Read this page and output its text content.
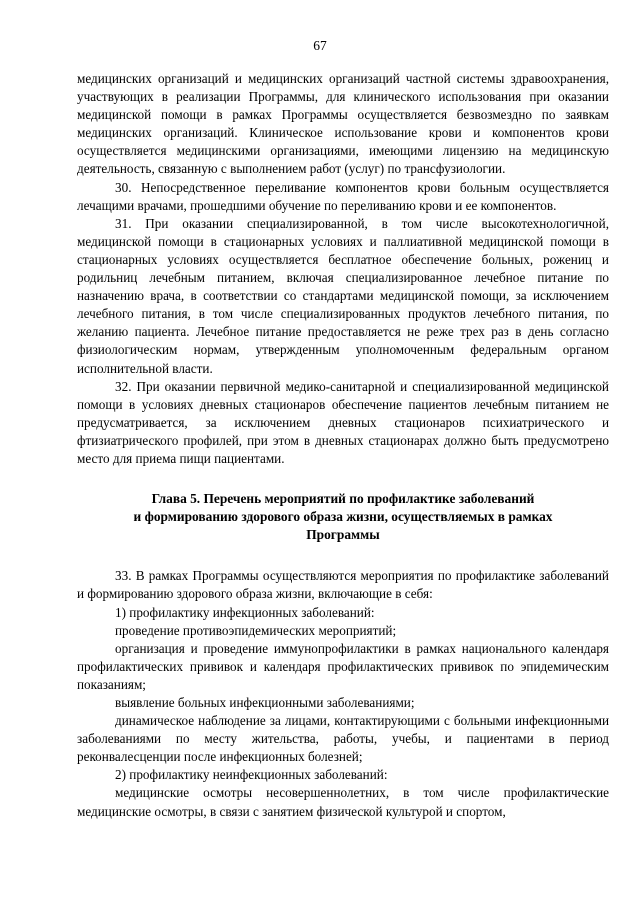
67

медицинских организаций и медицинских организаций частной системы здравоохранения, участвующих в реализации Программы, для клинического использования при оказании медицинской помощи в рамках Программы осуществляется безвозмездно по заявкам медицинских организаций. Клиническое использование крови и компонентов крови осуществляется медицинскими организациями, имеющими лицензию на медицинскую деятельность, связанную с выполнением работ (услуг) по трансфузиологии.

30. Непосредственное переливание компонентов крови больным осуществляется лечащими врачами, прошедшими обучение по переливанию крови и ее компонентов.

31. При оказании специализированной, в том числе высокотехнологичной, медицинской помощи в стационарных условиях и паллиативной медицинской помощи в стационарных условиях осуществляется бесплатное обеспечение больных, рожениц и родильниц лечебным питанием, включая специализированное лечебное питание по назначению врача, в соответствии со стандартами медицинской помощи, за исключением лечебного питания, в том числе специализированных продуктов лечебного питания, по желанию пациента. Лечебное питание предоставляется не реже трех раз в день согласно физиологическим нормам, утвержденным уполномоченным федеральным органом исполнительной власти.

32. При оказании первичной медико-санитарной и специализированной медицинской помощи в условиях дневных стационаров обеспечение пациентов лечебным питанием не предусматривается, за исключением дневных стационаров психиатрического и фтизиатрического профилей, при этом в дневных стационарах должно быть предусмотрено место для приема пищи пациентами.

Глава 5. Перечень мероприятий по профилактике заболеваний
и формированию здорового образа жизни, осуществляемых в рамках
Программы

33. В рамках Программы осуществляются мероприятия по профилактике заболеваний и формированию здорового образа жизни, включающие в себя:

1) профилактику инфекционных заболеваний:

проведение противоэпидемических мероприятий;

организация и проведение иммунопрофилактики в рамках национального календаря профилактических прививок и календаря профилактических прививок по эпидемическим показаниям;

выявление больных инфекционными заболеваниями;

динамическое наблюдение за лицами, контактирующими с больными инфекционными заболеваниями по месту жительства, работы, учебы, и пациентами в период реконвалесценции после инфекционных болезней;

2) профилактику неинфекционных заболеваний:

медицинские осмотры несовершеннолетних, в том числе профилактические медицинские осмотры, в связи с занятием физической культурой и спортом,
